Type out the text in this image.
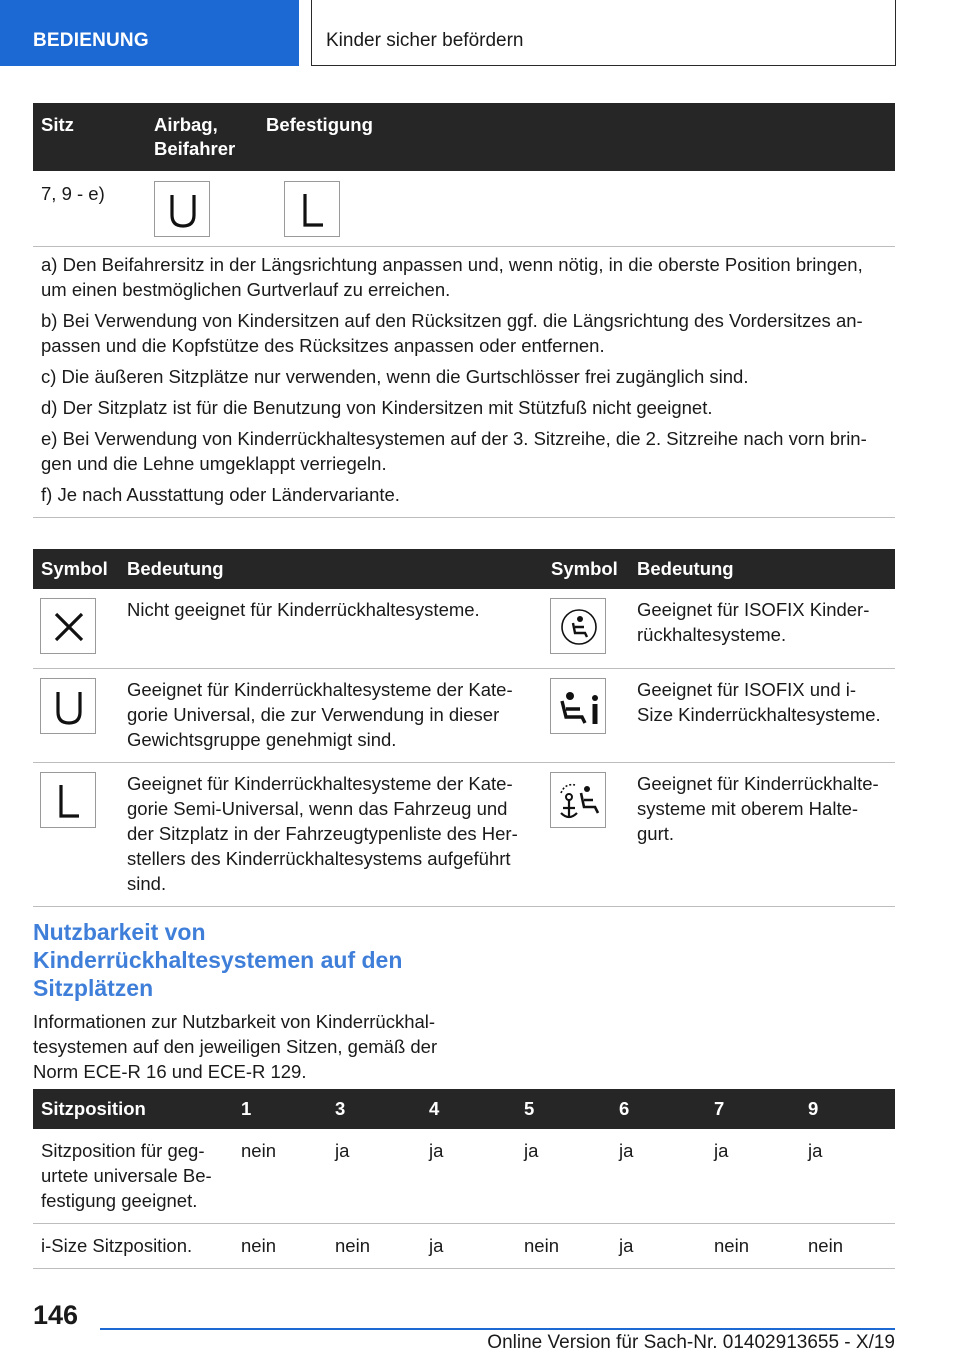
BEDIENUNG	Kinder sicher befördern
Sitz	Airbag, Beifahrer	Befestigung
7, 9 - e)	

a) Den Beifahrersitz in der Längsrichtung anpassen und, wenn nötig, in die oberste Position bringen, um einen bestmöglichen Gurtverlauf zu erreichen.

b) Bei Verwendung von Kindersitzen auf den Rücksitzen ggf. die Längsrichtung des Vordersitzes anpassen und die Kopfstütze des Rücksitzes anpassen oder entfernen.

c) Die äußeren Sitzplätze nur verwenden, wenn die Gurtschlösser frei zugänglich sind.

d) Der Sitzplatz ist für die Benutzung von Kindersitzen mit Stützfuß nicht geeignet.

e) Bei Verwendung von Kinderrückhaltesystemen auf der 3. Sitzreihe, die 2. Sitzreihe nach vorn bringen und die Lehne umgeklappt verriegeln.

f) Je nach Ausstattung oder Ländervariante.

Symbol	Bedeutung	Symbol	Bedeutung

	Nicht geeignet für Kinderrückhaltesysteme.		Geeignet für ISOFIX Kinderrückhaltesysteme.

	Geeignet für Kinderrückhaltesysteme der Kategorie Universal, die zur Verwendung in dieser Gewichtsgruppe genehmigt sind.		Geeignet für ISOFIX und i-Size Kinderrückhaltesysteme.

	Geeignet für Kinderrückhaltesysteme der Kategorie Semi-Universal, wenn das Fahrzeug und der Sitzplatz in der Fahrzeugtypenliste des Herstellers des Kinderrückhaltesystems aufgeführt sind.		Geeignet für Kinderrückhaltesysteme mit oberem Haltegurt.
Nutzbarkeit von Kinderrückhaltesystemen auf den Sitzplätzen
Informationen zur Nutzbarkeit von Kinderrückhaltesystemen auf den jeweiligen Sitzen, gemäß der Norm ECE-R 16 und ECE-R 129.
Sitzposition	1	3	4	5	6	7	9
Sitzposition für gegurtete universale Befestigung geeignet.	nein	ja	ja	ja	ja	ja	ja
i-Size Sitzposition.	nein	nein	ja	nein	ja	nein	nein
146
Online Version für Sach-Nr. 01402913655 - X/19
